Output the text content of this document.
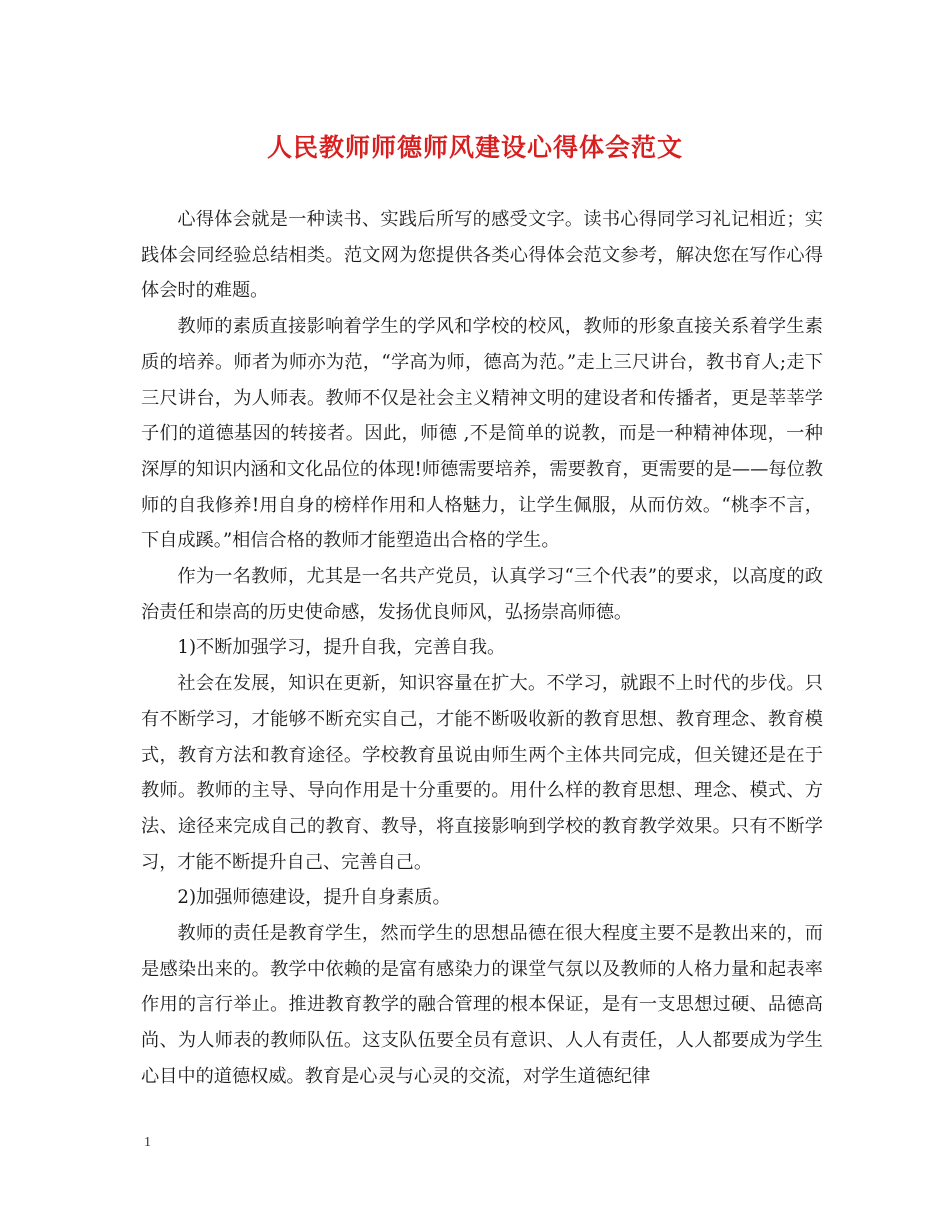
人民教师师德师风建设心得体会范文

心得体会就是一种读书、实践后所写的感受文字。读书心得同学习礼记相近；实践体会同经验总结相类。范文网为您提供各类心得体会范文参考，解决您在写作心得体会时的难题。

教师的素质直接影响着学生的学风和学校的校风，教师的形象直接关系着学生素质的培养。师者为师亦为范，“学高为师，德高为范。”走上三尺讲台，教书育人;走下三尺讲台，为人师表。教师不仅是社会主义精神文明的建设者和传播者，更是莘莘学子们的道德基因的转接者。因此，师德 ,不是简单的说教，而是一种精神体现，一种深厚的知识内涵和文化品位的体现!师德需要培养，需要教育，更需要的是——每位教师的自我修养!用自身的榜样作用和人格魅力，让学生佩服，从而仿效。“桃李不言，下自成蹊。”相信合格的教师才能塑造出合格的学生。

作为一名教师，尤其是一名共产党员，认真学习“三个代表”的要求，以高度的政治责任和崇高的历史使命感，发扬优良师风，弘扬崇高师德。

1)不断加强学习，提升自我，完善自我。

社会在发展，知识在更新，知识容量在扩大。不学习，就跟不上时代的步伐。只有不断学习，才能够不断充实自己，才能不断吸收新的教育思想、教育理念、教育模式，教育方法和教育途径。学校教育虽说由师生两个主体共同完成，但关键还是在于教师。教师的主导、导向作用是十分重要的。用什么样的教育思想、理念、模式、方法、途径来完成自己的教育、教导，将直接影响到学校的教育教学效果。只有不断学习，才能不断提升自己、完善自己。

2)加强师德建设，提升自身素质。

教师的责任是教育学生，然而学生的思想品德在很大程度主要不是教出来的，而是感染出来的。教学中依赖的是富有感染力的课堂气氛以及教师的人格力量和起表率作用的言行举止。推进教育教学的融合管理的根本保证，是有一支思想过硬、品德高尚、为人师表的教师队伍。这支队伍要全员有意识、人人有责任，人人都要成为学生心目中的道德权威。教育是心灵与心灵的交流，对学生道德纪律

1
